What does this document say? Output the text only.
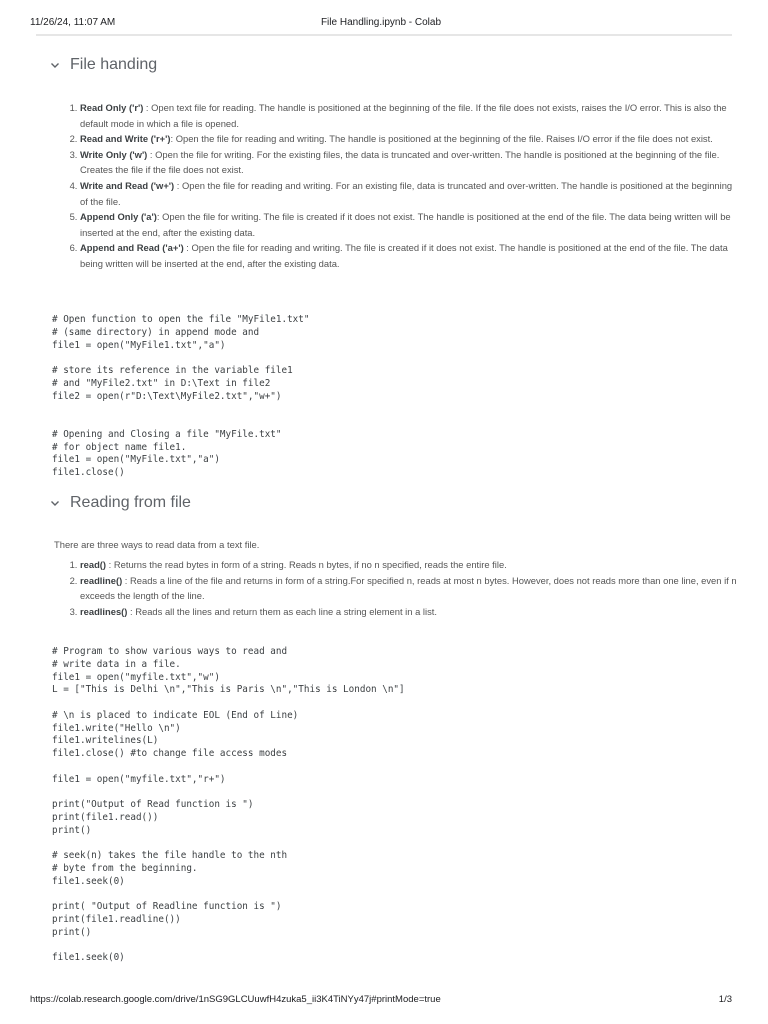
11/26/24, 11:07 AM	File Handling.ipynb - Colab
File handing
1. Read Only ('r') : Open text file for reading. The handle is positioned at the beginning of the file. If the file does not exists, raises the I/O error. This is also the default mode in which a file is opened.
2. Read and Write ('r+'): Open the file for reading and writing. The handle is positioned at the beginning of the file. Raises I/O error if the file does not exist.
3. Write Only ('w') : Open the file for writing. For the existing files, the data is truncated and over-written. The handle is positioned at the beginning of the file. Creates the file if the file does not exist.
4. Write and Read ('w+') : Open the file for reading and writing. For an existing file, data is truncated and over-written. The handle is positioned at the beginning of the file.
5. Append Only ('a'): Open the file for writing. The file is created if it does not exist. The handle is positioned at the end of the file. The data being written will be inserted at the end, after the existing data.
6. Append and Read ('a+') : Open the file for reading and writing. The file is created if it does not exist. The handle is positioned at the end of the file. The data being written will be inserted at the end, after the existing data.
# Open function to open the file "MyFile1.txt"
# (same directory) in append mode and
file1 = open("MyFile1.txt","a")

# store its reference in the variable file1
# and "MyFile2.txt" in D:\Text in file2
file2 = open(r"D:\Text\MyFile2.txt","w+")

# Opening and Closing a file "MyFile.txt"
# for object name file1.
file1 = open("MyFile.txt","a")
file1.close()
Reading from file
There are three ways to read data from a text file.
1. read() : Returns the read bytes in form of a string. Reads n bytes, if no n specified, reads the entire file.
2. readline() : Reads a line of the file and returns in form of a string.For specified n, reads at most n bytes. However, does not reads more than one line, even if n exceeds the length of the line.
3. readlines() : Reads all the lines and return them as each line a string element in a list.
# Program to show various ways to read and
# write data in a file.
file1 = open("myfile.txt","w")
L = ["This is Delhi \n","This is Paris \n","This is London \n"]

# \n is placed to indicate EOL (End of Line)
file1.write("Hello \n")
file1.writelines(L)
file1.close() #to change file access modes

file1 = open("myfile.txt","r+")

print("Output of Read function is ")
print(file1.read())
print()

# seek(n) takes the file handle to the nth
# byte from the beginning.
file1.seek(0)

print( "Output of Readline function is ")
print(file1.readline())
print()

file1.seek(0)
https://colab.research.google.com/drive/1nSG9GLCUuwfH4zuka5_ii3K4TiNYy47j#printMode=true	1/3
